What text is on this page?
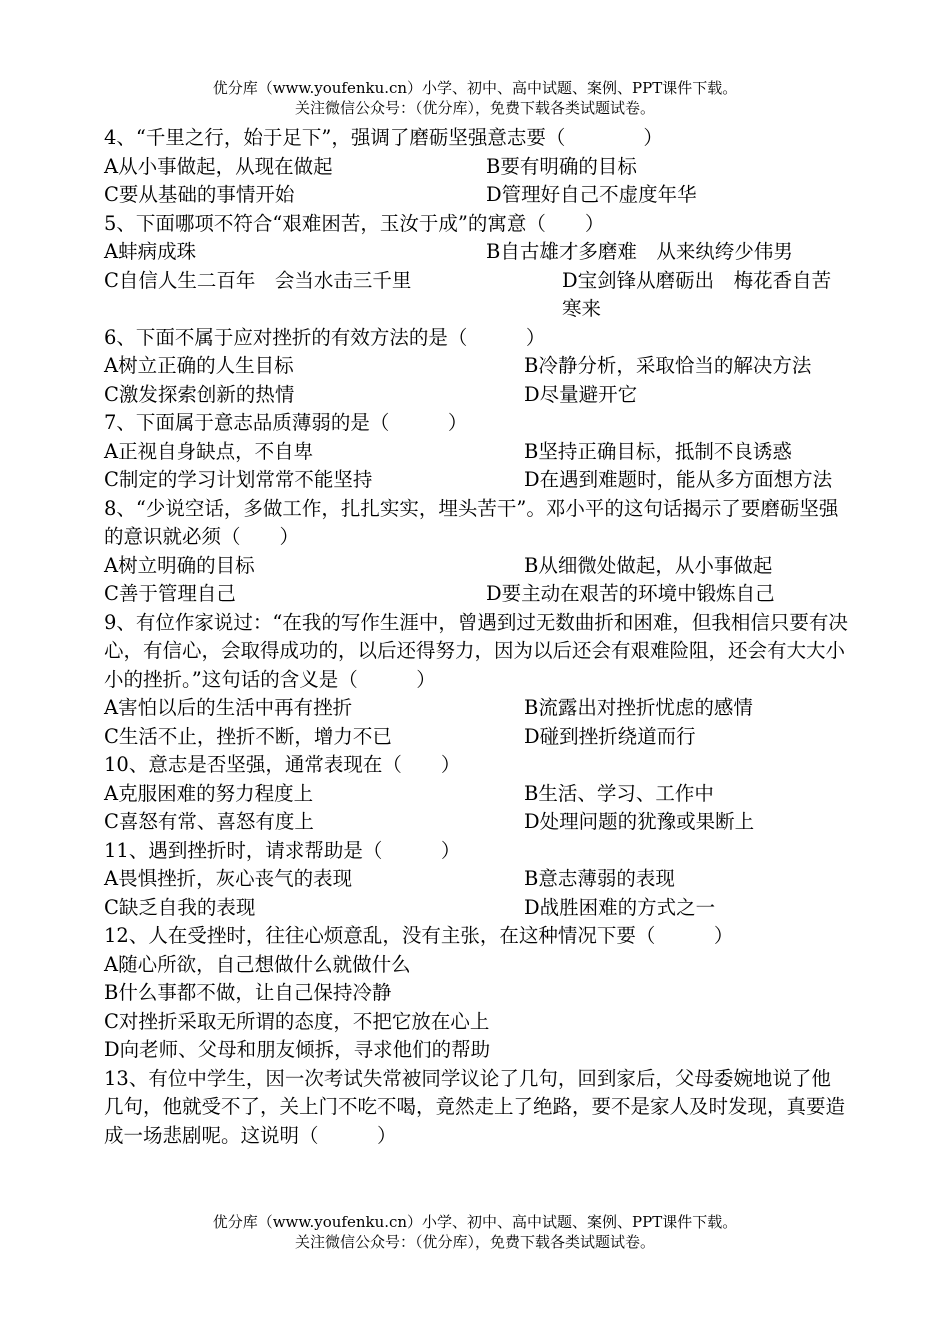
优分库（www.youfenku.cn）小学、初中、高中试题、案例、PPT课件下载。
关注微信公众号：（优分库），免费下载各类试题试卷。
4、“千里之行，始于足下”，强调了磨砺坚强意志要（　　　　）
A从小事做起，从现在做起	B要有明确的目标
C要从基础的事情开始	D管理好自己不虚度年华
5、下面哪项不符合“艰难困苦，玉汝于成”的寓意（　　）
A蚌病成珠	B自古雄才多磨难　从来纨绔少伟男
C自信人生二百年　会当水击三千里	D宝剑锋从磨砺出　梅花香自苦寒来
6、下面不属于应对挫折的有效方法的是（　　　）
A树立正确的人生目标	B冷静分析，采取恰当的解决方法
C激发探索创新的热情	D尽量避开它
7、下面属于意志品质薄弱的是（　　　）
A正视自身缺点，不自卑	B坚持正确目标，抵制不良诱惑
C制定的学习计划常常不能坚持	D在遇到难题时，能从多方面想方法
8、“少说空话，多做工作，扎扎实实，埋头苦干”。邓小平的这句话揭示了要磨砺坚强的意识就必须（　　）
A树立明确的目标	B从细微处做起，从小事做起
C善于管理自己	D要主动在艰苦的环境中锻炼自己
9、有位作家说过：“在我的写作生涯中，曾遇到过无数曲折和困难，但我相信只要有决心，有信心，会取得成功的，以后还得努力，因为以后还会有艰难险阻，还会有大大小小的挫折。”这句话的含义是（　　　）
A害怕以后的生活中再有挫折	B流露出对挫折忧虑的感情
C生活不止，挫折不断，增力不已	D碰到挫折绕道而行
10、意志是否坚强，通常表现在（　　）
A克服困难的努力程度上	B生活、学习、工作中
C喜怒有常、喜怒有度上	D处理问题的犹豫或果断上
11、遇到挫折时，请求帮助是（　　　）
A畏惧挫折，灰心丧气的表现	B意志薄弱的表现
C缺乏自我的表现	D战胜困难的方式之一
12、人在受挫时，往往心烦意乱，没有主张，在这种情况下要（　　　）
A随心所欲，自己想做什么就做什么
B什么事都不做，让自己保持冷静
C对挫折采取无所谓的态度，不把它放在心上
D向老师、父母和朋友倾拆，寻求他们的帮助
13、有位中学生，因一次考试失常被同学议论了几句，回到家后，父母委婉地说了他几句，他就受不了，关上门不吃不喝，竟然走上了绝路，要不是家人及时发现，真要造成一场悲剧呢。这说明（　　　）
优分库（www.youfenku.cn）小学、初中、高中试题、案例、PPT课件下载。
关注微信公众号：（优分库），免费下载各类试题试卷。
